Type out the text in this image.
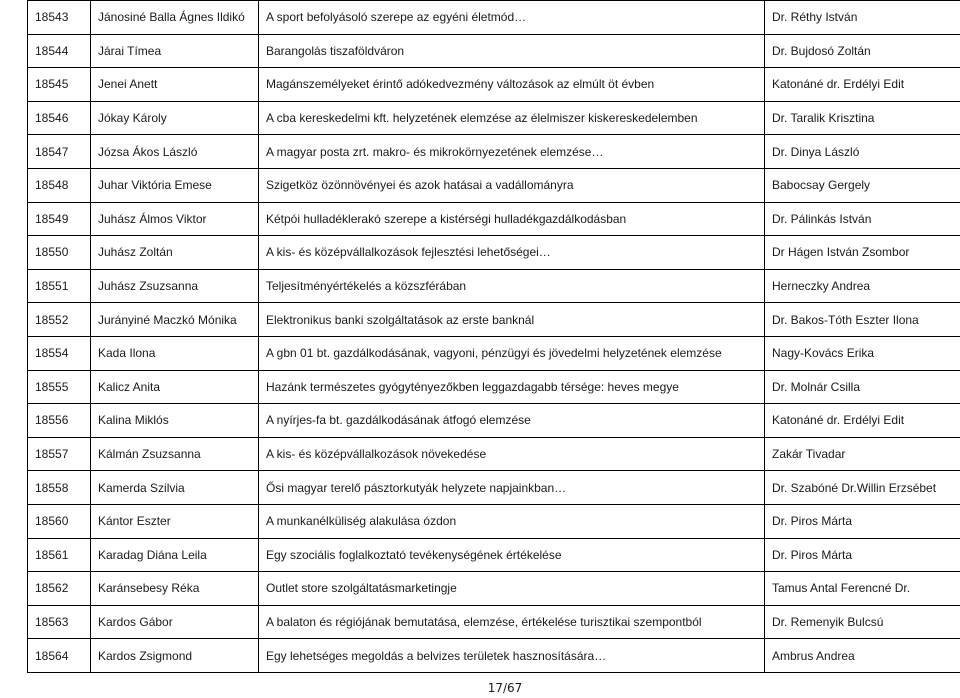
18543	Jánosiné Balla Ágnes Ildikó	A sport befolyásoló szerepe az egyéni életmód…	Dr. Réthy István
18544	Járai Tímea	Barangolás tiszaföldváron	Dr. Bujdosó Zoltán
18545	Jenei Anett	Magánszemélyeket érintő adókedvezmény változások az elmúlt öt évben	Katonáné dr. Erdélyi Edit
18546	Jókay Károly	A cba kereskedelmi kft. helyzetének elemzése az élelmiszer kiskereskedelemben	Dr. Taralik Krisztina
18547	Józsa Ákos László	A magyar posta zrt. makro- és mikrokörnyezetének elemzése…	Dr. Dinya László
18548	Juhar Viktória Emese	Szigetköz özönnövényei és azok hatásai a vadállományra	Babocsay Gergely
18549	Juhász Álmos Viktor	Kétpói hulladéklerakó szerepe a kistérségi hulladékgazdálkodásban	Dr. Pálinkás István
18550	Juhász Zoltán	A kis- és középvállalkozások fejlesztési lehetőségei…	Dr Hágen István Zsombor
18551	Juhász Zsuzsanna	Teljesítményértékelés a közszférában	Herneczky Andrea
18552	Jurányiné Maczkó Mónika	Elektronikus banki szolgáltatások az erste banknál	Dr. Bakos-Tóth Eszter Ilona
18554	Kada Ilona	A gbn 01 bt. gazdálkodásának, vagyoni, pénzügyi és jövedelmi helyzetének elemzése	Nagy-Kovács Erika
18555	Kalicz Anita	Hazánk természetes gyógytényezőkben leggazdagabb térsége: heves megye	Dr. Molnár Csilla
18556	Kalina Miklós	A nyírjes-fa bt. gazdálkodásának átfogó elemzése	Katonáné dr. Erdélyi Edit
18557	Kálmán Zsuzsanna	A kis- és középvállalkozások növekedése	Zakár Tivadar
18558	Kamerda Szilvia	Ősi magyar terelő pásztorkutyák helyzete napjainkban…	Dr. Szabóné Dr.Willin Erzsébet
18560	Kántor Eszter	A munkanélküliség alakulása ózdon	Dr. Piros Márta
18561	Karadag Diána Leila	Egy szociális foglalkoztató tevékenységének értékelése	Dr. Piros Márta
18562	Karánsebesy Réka	Outlet store szolgáltatásmarketingje	Tamus Antal Ferencné Dr.
18563	Kardos Gábor	A balaton és régiójának bemutatása, elemzése, értékelése turisztikai szempontból	Dr. Remenyik Bulcsú
18564	Kardos Zsigmond	Egy lehetséges megoldás a belvizes területek hasznosítására…	Ambrus Andrea
17/67
